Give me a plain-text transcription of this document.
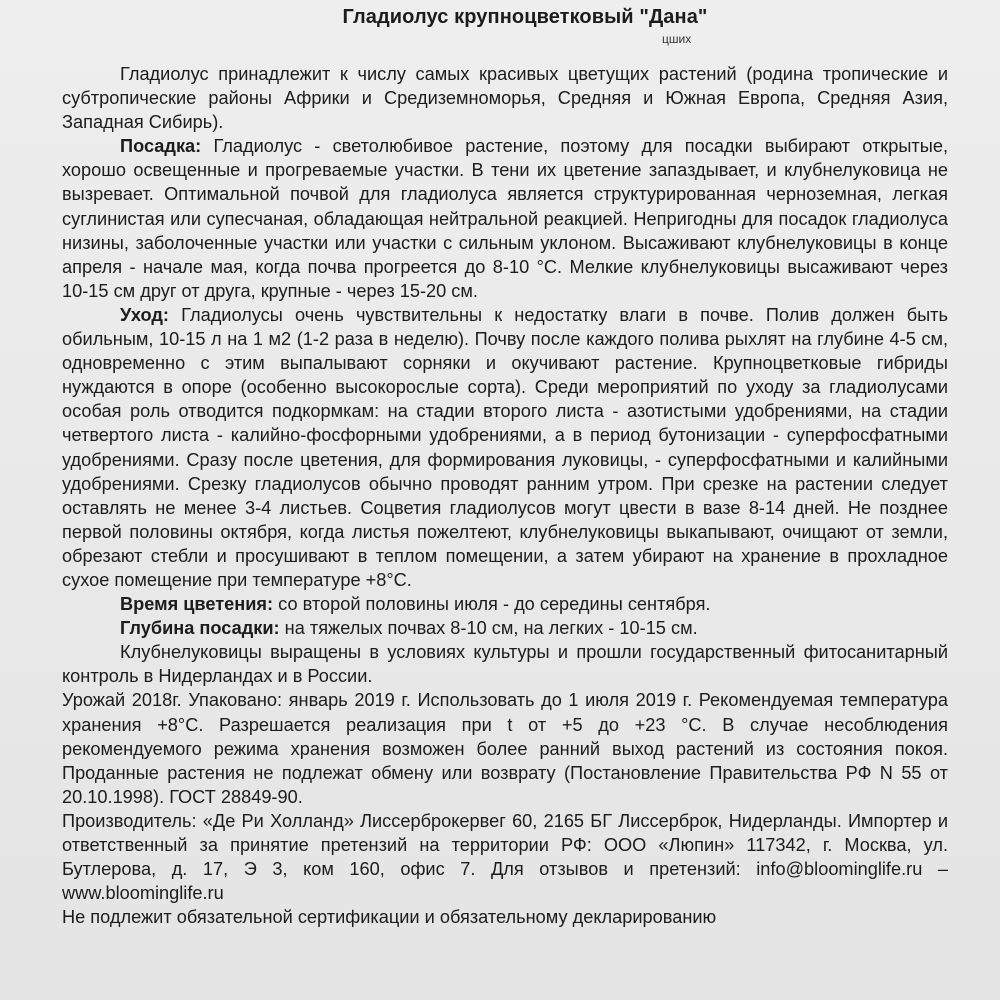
Гладиолус крупноцветковый "Дана"
цших

Гладиолус принадлежит к числу самых красивых цветущих растений (родина тропические и субтропические районы Африки и Средиземноморья, Средняя и Южная Европа, Средняя Азия, Западная Сибирь).

Посадка: Гладиолус - светолюбивое растение, поэтому для посадки выбирают открытые, хорошо освещенные и прогреваемые участки. В тени их цветение запаздывает, и клубнелуковица не вызревает. Оптимальной почвой для гладиолуса является структурированная черноземная, легкая суглинистая или супесчаная, обладающая нейтральной реакцией. Непригодны для посадок гладиолуса низины, заболоченные участки или участки с сильным уклоном. Высаживают клубнелуковицы в конце апреля - начале мая, когда почва прогреется до 8-10 °С. Мелкие клубнелуковицы высаживают через 10-15 см друг от друга, крупные - через 15-20 см.

Уход: Гладиолусы очень чувствительны к недостатку влаги в почве. Полив должен быть обильным, 10-15 л на 1 м2 (1-2 раза в неделю). Почву после каждого полива рыхлят на глубине 4-5 см, одновременно с этим выпалывают сорняки и окучивают растение. Крупноцветковые гибриды нуждаются в опоре (особенно высокорослые сорта). Среди мероприятий по уходу за гладиолусами особая роль отводится подкормкам: на стадии второго листа - азотистыми удобрениями, на стадии четвертого листа - калийно-фосфорными удобрениями, а в период бутонизации - суперфосфатными удобрениями. Сразу после цветения, для формирования луковицы, - суперфосфатными и калийными удобрениями. Срезку гладиолусов обычно проводят ранним утром. При срезке на растении следует оставлять не менее 3-4 листьев. Соцветия гладиолусов могут цвести в вазе 8-14 дней. Не позднее первой половины октября, когда листья пожелтеют, клубнелуковицы выкапывают, очищают от земли, обрезают стебли и просушивают в теплом помещении, а затем убирают на хранение в прохладное сухое помещение при температуре +8°С.

Время цветения: со второй половины июля - до середины сентября.

Глубина посадки: на тяжелых почвах 8-10 см, на легких - 10-15 см.

Клубнелуковицы выращены в условиях культуры и прошли государственный фитосанитарный контроль в Нидерландах и в России.

Урожай 2018г. Упаковано: январь 2019 г. Использовать до 1 июля 2019 г. Рекомендуемая температура хранения +8°С. Разрешается реализация при t от +5 до +23 °С. В случае несоблюдения рекомендуемого режима хранения возможен более ранний выход растений из состояния покоя. Проданные растения не подлежат обмену или возврату (Постановление Правительства РФ N 55 от 20.10.1998). ГОСТ 28849-90.

Производитель: «Де Ри Холланд» Лиссерброкервег 60, 2165 БГ Лиссерброк, Нидерланды. Импортер и ответственный за принятие претензий на территории РФ: ООО «Люпин» 117342, г. Москва, ул. Бутлерова, д. 17, Э 3, ком 160, офис 7. Для отзывов и претензий: info@bloominglife.ru – www.bloominglife.ru

Не подлежит обязательной сертификации и обязательному декларированию
